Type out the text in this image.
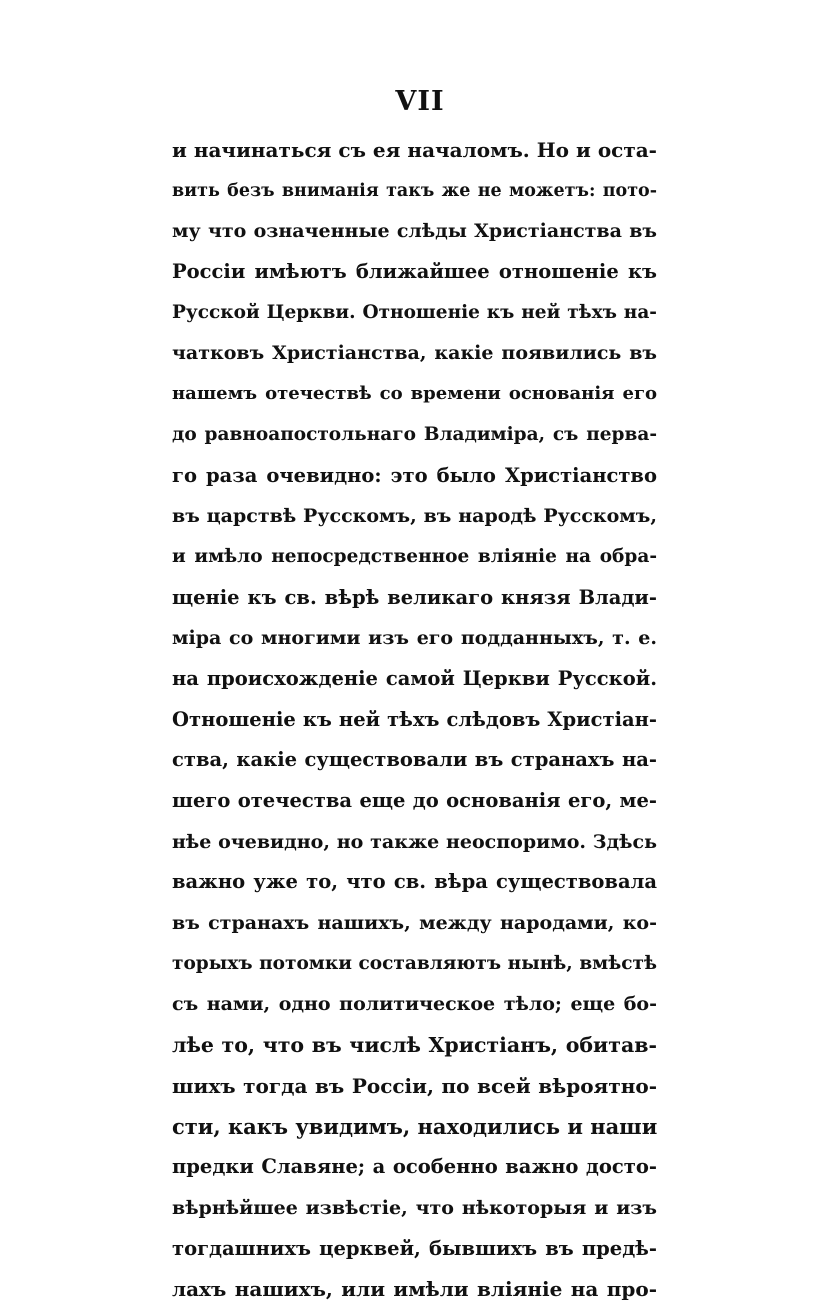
VII
и начинаться съ ея началомъ. Но и оста-
вить безъ вниманія такъ же не можетъ: пото-
му что означенные слѣды Христіанства въ
Россіи имѣютъ ближайшее отношеніе къ
Русской Церкви. Отношеніе къ ней тѣхъ на-
чатковъ Христіанства, какіе появились въ
нашемъ отечествѣ со времени основанія его
до равноапостольнаго Владиміра, съ перва-
го раза очевидно: это было Христіанство
въ царствѣ Русскомъ, въ народѣ Русскомъ,
и имѣло непосредственное вліяніе на обра-
щеніе къ св. вѣрѣ великаго князя Влади-
міра со многими изъ его подданныхъ, т. е.
на происхожденіе самой Церкви Русской.
Отношеніе къ ней тѣхъ слѣдовъ Христіан-
ства, какіе существовали въ странахъ на-
шего отечества еще до основанія его, ме-
нѣе очевидно, но также неоспоримо. Здѣсь
важно уже то, что св. вѣра существовала
въ странахъ нашихъ, между народами, ко-
торыхъ потомки составляютъ нынѣ, вмѣстѣ
съ нами, одно политическое тѣло; еще бо-
лѣе то, что въ числѣ Христіанъ, обитав-
шихъ тогда въ Россіи, по всей вѣроятно-
сти, какъ увидимъ, находились и наши
предки Славяне; а особенно важно досто-
вѣрнѣйшее извѣстіе, что нѣкоторыя и изъ
тогдашнихъ церквей, бывшихъ въ предѣ-
лахъ нашихъ, или имѣли вліяніе на про-
